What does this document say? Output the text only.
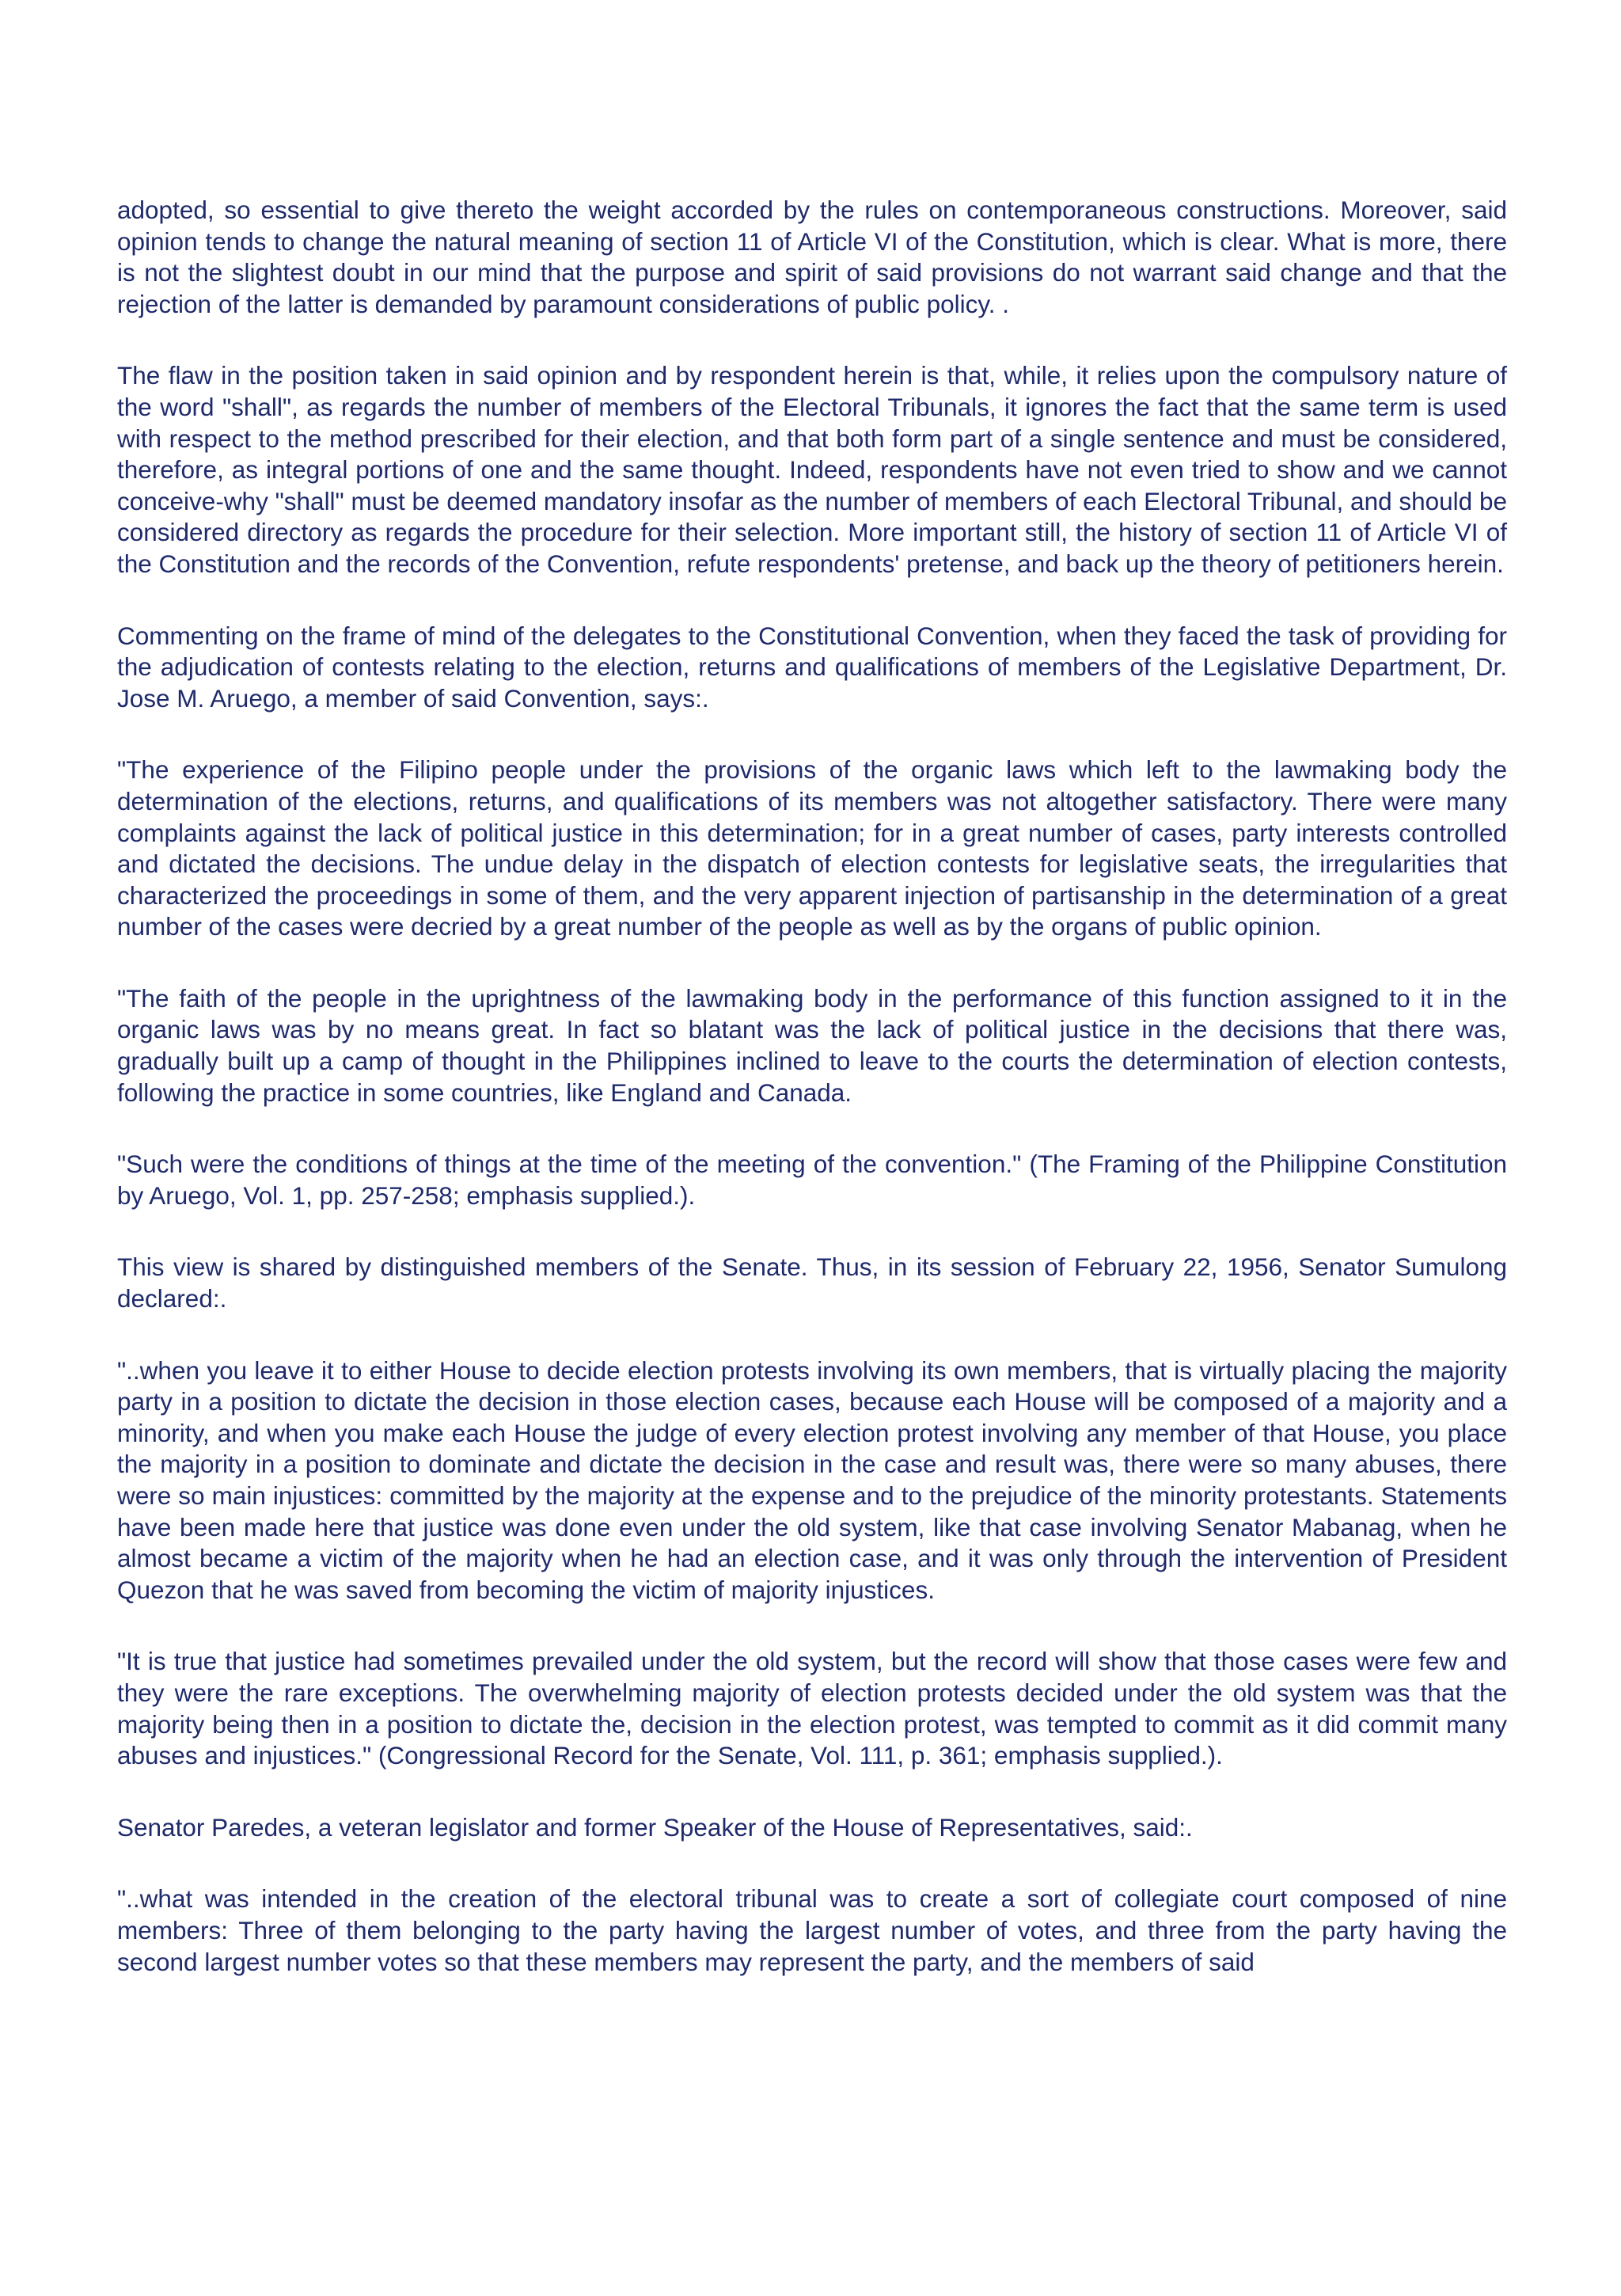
adopted, so essential to give thereto the weight accorded by the rules on contemporaneous constructions. Moreover, said opinion tends to change the natural meaning of section 11 of Article VI of the Constitution, which is clear. What is more, there is not the slightest doubt in our mind that the purpose and spirit of said provisions do not warrant said change and that the rejection of the latter is demanded by paramount considerations of public policy. .

The flaw in the position taken in said opinion and by respondent herein is that, while, it relies upon the compulsory nature of the word "shall", as regards the number of members of the Electoral Tribunals, it ignores the fact that the same term is used with respect to the method prescribed for their election, and that both form part of a single sentence and must be considered, therefore, as integral portions of one and the same thought. Indeed, respondents have not even tried to show and we cannot conceive-why "shall" must be deemed mandatory insofar as the number of members of each Electoral Tribunal, and should be considered directory as regards the procedure for their selection. More important still, the history of section 11 of Article VI of the Constitution and the records of the Convention, refute respondents' pretense, and back up the theory of petitioners herein.

Commenting on the frame of mind of the delegates to the Constitutional Convention, when they faced the task of providing for the adjudication of contests relating to the election, returns and qualifications of members of the Legislative Department, Dr. Jose M. Aruego, a member of said Convention, says:.

"The experience of the Filipino people under the provisions of the organic laws which left to the lawmaking body the determination of the elections, returns, and qualifications of its members was not altogether satisfactory. There were many complaints against the lack of political justice in this determination; for in a great number of cases, party interests controlled and dictated the decisions. The undue delay in the dispatch of election contests for legislative seats, the irregularities that characterized the proceedings in some of them, and the very apparent injection of partisanship in the determination of a great number of the cases were decried by a great number of the people as well as by the organs of public opinion.

"The faith of the people in the uprightness of the lawmaking body in the performance of this function assigned to it in the organic laws was by no means great. In fact so blatant was the lack of political justice in the decisions that there was, gradually built up a camp of thought in the Philippines inclined to leave to the courts the determination of election contests, following the practice in some countries, like England and Canada.

"Such were the conditions of things at the time of the meeting of the convention." (The Framing of the Philippine Constitution by Aruego, Vol. 1, pp. 257-258; emphasis supplied.).

This view is shared by distinguished members of the Senate. Thus, in its session of February 22, 1956, Senator Sumulong declared:.

"..when you leave it to either House to decide election protests involving its own members, that is virtually placing the majority party in a position to dictate the decision in those election cases, because each House will be composed of a majority and a minority, and when you make each House the judge of every election protest involving any member of that House, you place the majority in a position to dominate and dictate the decision in the case and result was, there were so many abuses, there were so main injustices: committed by the majority at the expense and to the prejudice of the minority protestants. Statements have been made here that justice was done even under the old system, like that case involving Senator Mabanag, when he almost became a victim of the majority when he had an election case, and it was only through the intervention of President Quezon that he was saved from becoming the victim of majority injustices.

"It is true that justice had sometimes prevailed under the old system, but the record will show that those cases were few and they were the rare exceptions. The overwhelming majority of election protests decided under the old system was that the majority being then in a position to dictate the, decision in the election protest, was tempted to commit as it did commit many abuses and injustices." (Congressional Record for the Senate, Vol. 111, p. 361; emphasis supplied.).

Senator Paredes, a veteran legislator and former Speaker of the House of Representatives, said:.

"..what was intended in the creation of the electoral tribunal was to create a sort of collegiate court composed of nine members: Three of them belonging to the party having the largest number of votes, and three from the party having the second largest number votes so that these members may represent the party, and the members of said
